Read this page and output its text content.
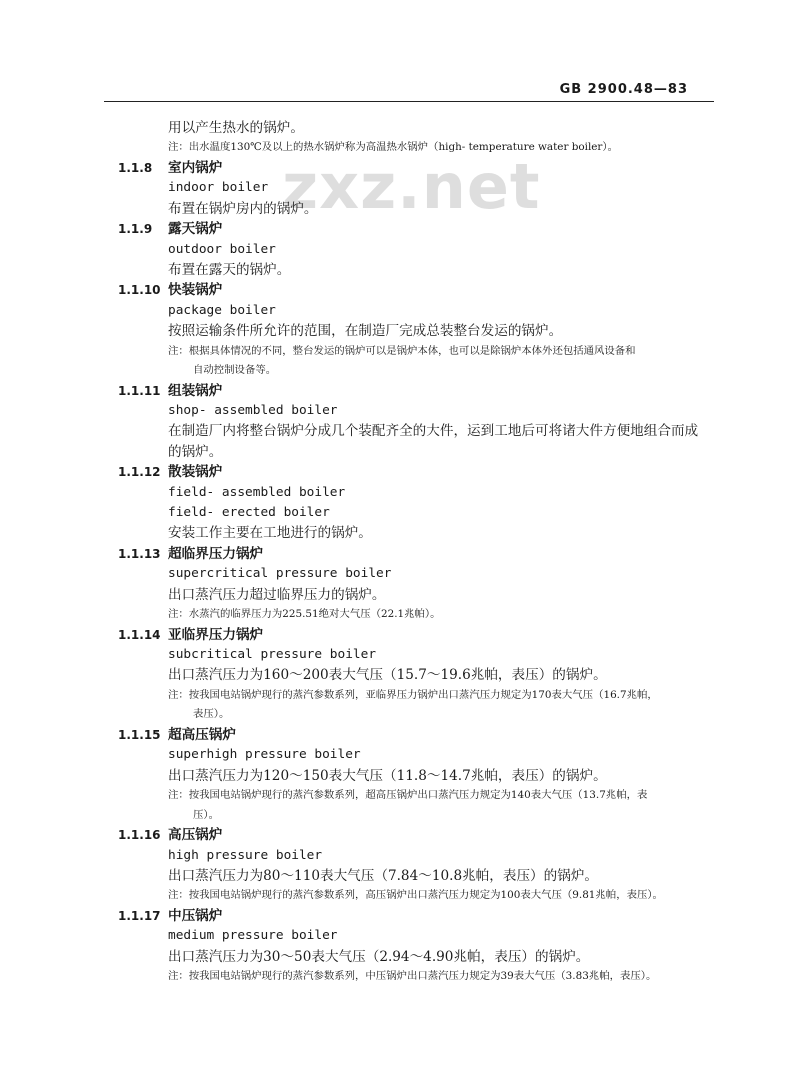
GB 2900.48—83
zxz.net
用以产生热水的锅炉。
注：出水温度130℃及以上的热水锅炉称为高温热水锅炉（high- temperature water boiler）。
1.1.8 室内锅炉
indoor boiler
布置在锅炉房内的锅炉。
1.1.9 露天锅炉
outdoor boiler
布置在露天的锅炉。
1.1.10 快装锅炉
package boiler
按照运输条件所允许的范围，在制造厂完成总装整台发运的锅炉。
注：根据具体情况的不同，整台发运的锅炉可以是锅炉本体，也可以是除锅炉本体外还包括通风设备和
自动控制设备等。
1.1.11 组装锅炉
shop- assembled boiler
在制造厂内将整台锅炉分成几个装配齐全的大件，运到工地后可将诸大件方便地组合而成
的锅炉。
1.1.12 散装锅炉
field- assembled boiler
field- erected boiler
安装工作主要在工地进行的锅炉。
1.1.13 超临界压力锅炉
supercritical pressure boiler
出口蒸汽压力超过临界压力的锅炉。
注：水蒸汽的临界压力为225.51绝对大气压（22.1兆帕）。
1.1.14 亚临界压力锅炉
subcritical pressure boiler
出口蒸汽压力为160～200表大气压（15.7～19.6兆帕，表压）的锅炉。
注：按我国电站锅炉现行的蒸汽参数系列，亚临界压力锅炉出口蒸汽压力规定为170表大气压（16.7兆帕，
表压）。
1.1.15 超高压锅炉
superhigh pressure boiler
出口蒸汽压力为120～150表大气压（11.8～14.7兆帕，表压）的锅炉。
注：按我国电站锅炉现行的蒸汽参数系列，超高压锅炉出口蒸汽压力规定为140表大气压（13.7兆帕，表
压）。
1.1.16 高压锅炉
high pressure boiler
出口蒸汽压力为80～110表大气压（7.84～10.8兆帕，表压）的锅炉。
注：按我国电站锅炉现行的蒸汽参数系列，高压锅炉出口蒸汽压力规定为100表大气压（9.81兆帕，表压）。
1.1.17 中压锅炉
medium pressure boiler
出口蒸汽压力为30～50表大气压（2.94～4.90兆帕，表压）的锅炉。
注：按我国电站锅炉现行的蒸汽参数系列，中压锅炉出口蒸汽压力规定为39表大气压（3.83兆帕，表压）。
